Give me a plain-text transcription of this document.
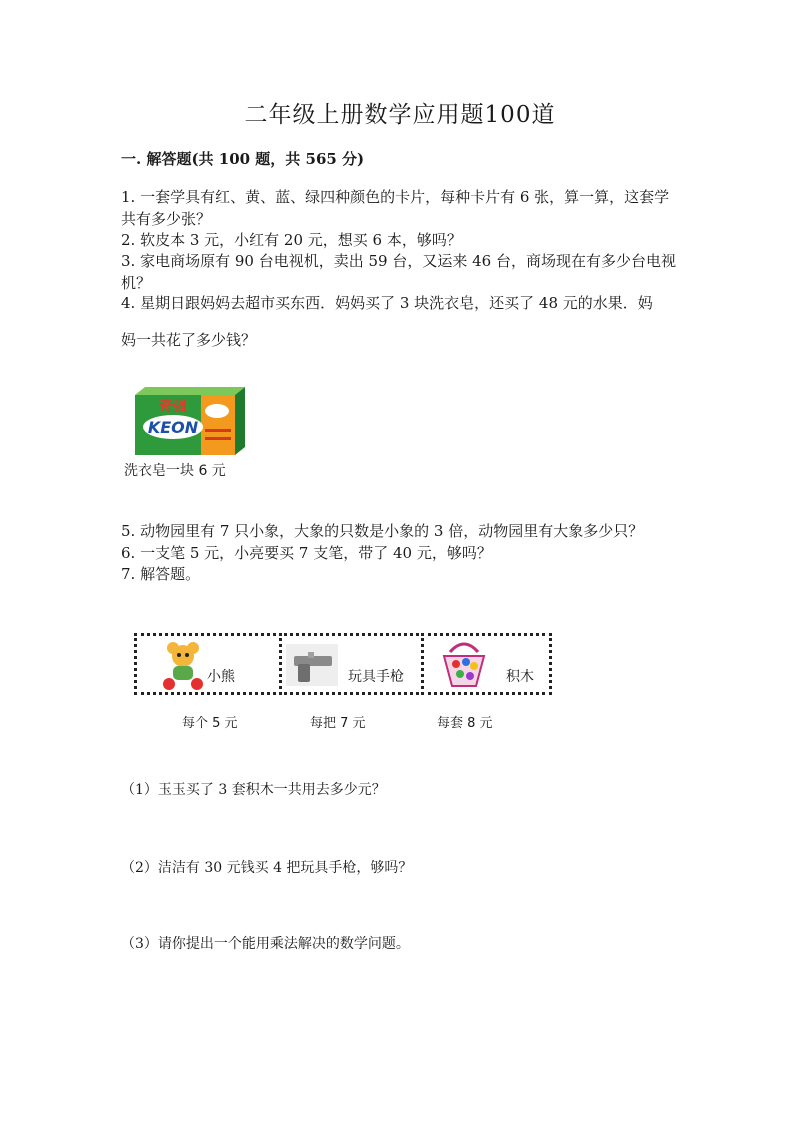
二年级上册数学应用题100道
一. 解答题(共 100 题，共 565 分)
1. 一套学具有红、黄、蓝、绿四种颜色的卡片，每种卡片有 6 张，算一算，这套学共有多少张？
2. 软皮本 3 元，小红有 20 元，想买 6 本，够吗？
3. 家电商场原有 90 台电视机，卖出 59 台，又运来 46 台，商场现在有多少台电视机？
4. 星期日跟妈妈去超市买东西．妈妈买了 3 块洗衣皂，还买了 48 元的水果．妈
妈一共花了多少钱？
奇强
KEON
洗衣皂一块 6 元
5. 动物园里有 7 只小象，大象的只数是小象的 3 倍，动物园里有大象多少只？
6. 一支笔 5 元，小亮要买 7 支笔，带了 40 元，够吗？
7. 解答题。
小熊	玩具手枪	积木
每个 5 元	每把 7 元	每套 8 元
（1）玉玉买了 3 套积木一共用去多少元？
（2）洁洁有 30 元钱买 4 把玩具手枪，够吗？
（3）请你提出一个能用乘法解决的数学问题。
